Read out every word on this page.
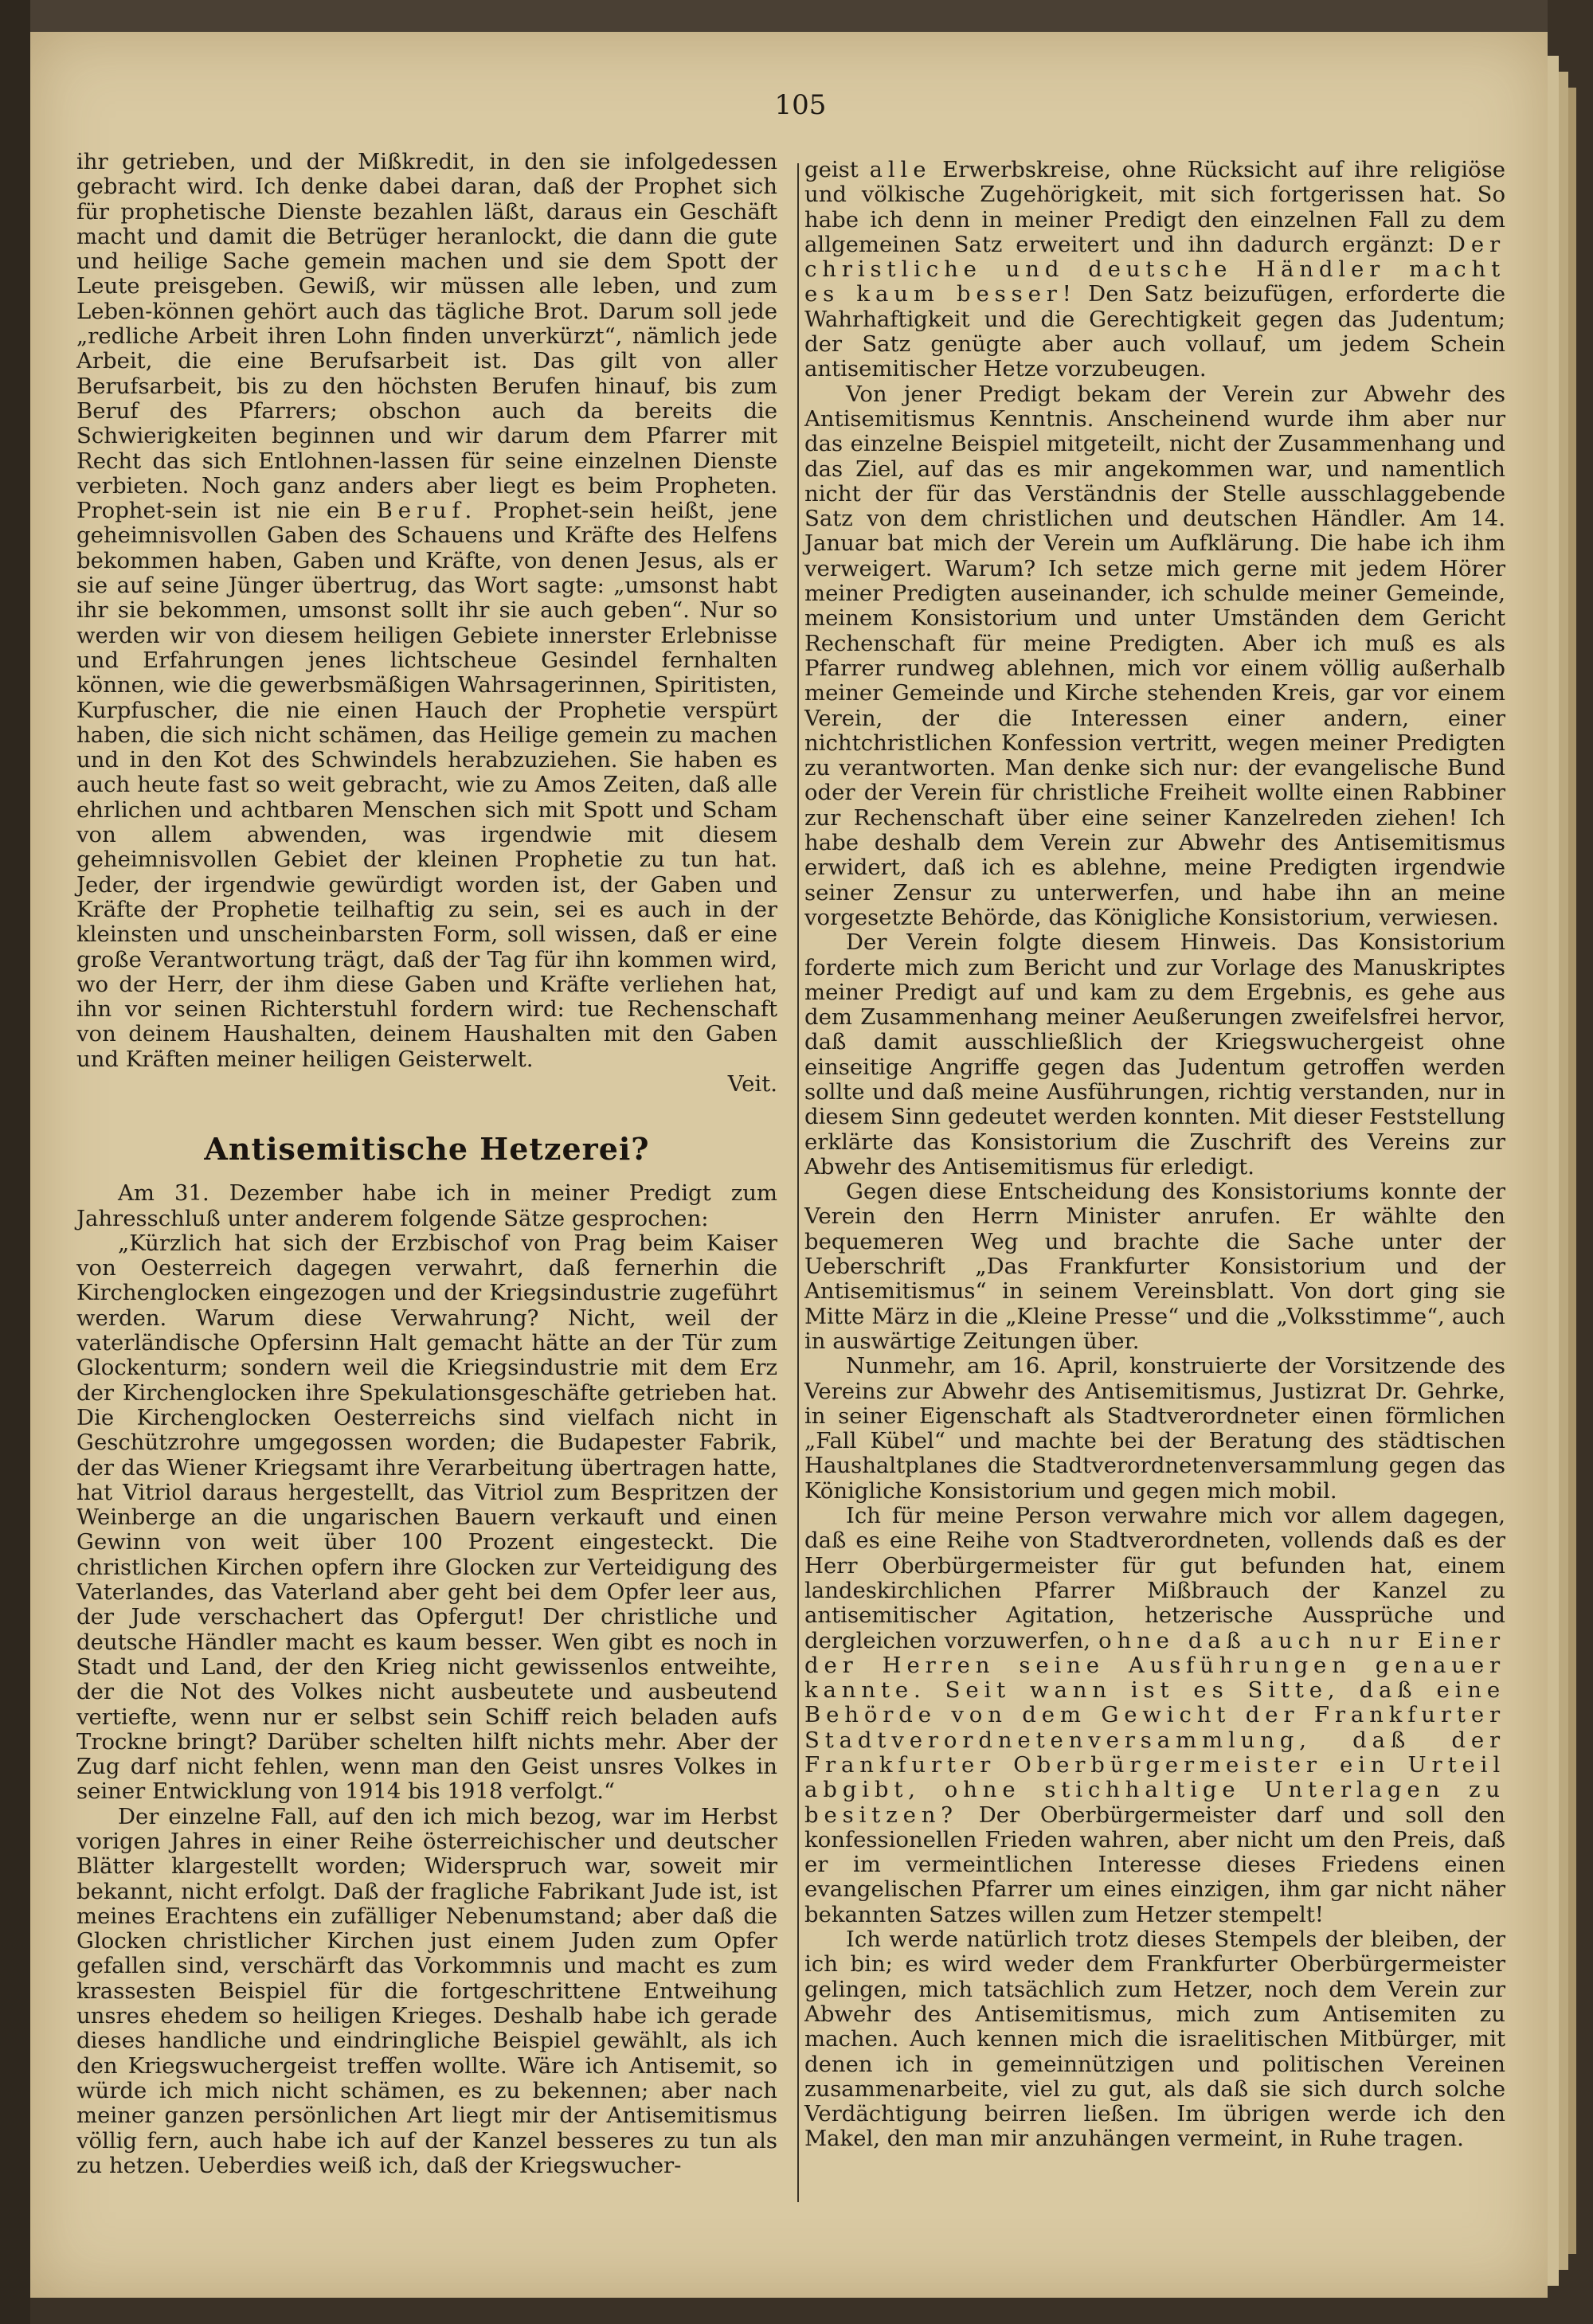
105

ihr getrieben, und der Mißkredit, in den sie infolgedessen gebracht wird. Ich denke dabei daran, daß der Prophet sich für prophetische Dienste bezahlen läßt, daraus ein Geschäft macht und damit die Betrüger heranlockt, die dann die gute und heilige Sache gemein machen und sie dem Spott der Leute preisgeben. Gewiß, wir müssen alle leben, und zum Leben-können gehört auch das tägliche Brot. Darum soll jede „redliche Arbeit ihren Lohn finden unverkürzt“, nämlich jede Arbeit, die eine Berufsarbeit ist. Das gilt von aller Berufsarbeit, bis zu den höchsten Berufen hinauf, bis zum Beruf des Pfarrers; obschon auch da bereits die Schwierigkeiten beginnen und wir darum dem Pfarrer mit Recht das sich Entlohnen-lassen für seine einzelnen Dienste verbieten. Noch ganz anders aber liegt es beim Propheten. Prophet-sein ist nie ein Beruf. Prophet-sein heißt, jene geheimnisvollen Gaben des Schauens und Kräfte des Helfens bekommen haben, Gaben und Kräfte, von denen Jesus, als er sie auf seine Jünger übertrug, das Wort sagte: „umsonst habt ihr sie bekommen, umsonst sollt ihr sie auch geben“. Nur so werden wir von diesem heiligen Gebiete innerster Erlebnisse und Erfahrungen jenes lichtscheue Gesindel fernhalten können, wie die gewerbsmäßigen Wahrsagerinnen, Spiritisten, Kurpfuscher, die nie einen Hauch der Prophetie verspürt haben, die sich nicht schämen, das Heilige gemein zu machen und in den Kot des Schwindels herabzuziehen. Sie haben es auch heute fast so weit gebracht, wie zu Amos Zeiten, daß alle ehrlichen und achtbaren Menschen sich mit Spott und Scham von allem abwenden, was irgendwie mit diesem geheimnisvollen Gebiet der kleinen Prophetie zu tun hat. Jeder, der irgendwie gewürdigt worden ist, der Gaben und Kräfte der Prophetie teilhaftig zu sein, sei es auch in der kleinsten und unscheinbarsten Form, soll wissen, daß er eine große Verantwortung trägt, daß der Tag für ihn kommen wird, wo der Herr, der ihm diese Gaben und Kräfte verliehen hat, ihn vor seinen Richterstuhl fordern wird: tue Rechenschaft von deinem Haushalten, deinem Haushalten mit den Gaben und Kräften meiner heiligen Geisterwelt.

Veit.

Antisemitische Hetzerei?

Am 31. Dezember habe ich in meiner Predigt zum Jahresschluß unter anderem folgende Sätze gesprochen:

„Kürzlich hat sich der Erzbischof von Prag beim Kaiser von Oesterreich dagegen verwahrt, daß fernerhin die Kirchenglocken eingezogen und der Kriegsindustrie zugeführt werden. Warum diese Verwahrung? Nicht, weil der vaterländische Opfersinn Halt gemacht hätte an der Tür zum Glockenturm; sondern weil die Kriegsindustrie mit dem Erz der Kirchenglocken ihre Spekulationsgeschäfte getrieben hat. Die Kirchenglocken Oesterreichs sind vielfach nicht in Geschützrohre umgegossen worden; die Budapester Fabrik, der das Wiener Kriegsamt ihre Verarbeitung übertragen hatte, hat Vitriol daraus hergestellt, das Vitriol zum Bespritzen der Weinberge an die ungarischen Bauern verkauft und einen Gewinn von weit über 100 Prozent eingesteckt. Die christlichen Kirchen opfern ihre Glocken zur Verteidigung des Vaterlandes, das Vaterland aber geht bei dem Opfer leer aus, der Jude verschachert das Opfergut! Der christliche und deutsche Händler macht es kaum besser. Wen gibt es noch in Stadt und Land, der den Krieg nicht gewissenlos entweihte, der die Not des Volkes nicht ausbeutete und ausbeutend vertiefte, wenn nur er selbst sein Schiff reich beladen aufs Trockne bringt? Darüber schelten hilft nichts mehr. Aber der Zug darf nicht fehlen, wenn man den Geist unsres Volkes in seiner Entwicklung von 1914 bis 1918 verfolgt.“

Der einzelne Fall, auf den ich mich bezog, war im Herbst vorigen Jahres in einer Reihe österreichischer und deutscher Blätter klargestellt worden; Widerspruch war, soweit mir bekannt, nicht erfolgt. Daß der fragliche Fabrikant Jude ist, ist meines Erachtens ein zufälliger Nebenumstand; aber daß die Glocken christlicher Kirchen just einem Juden zum Opfer gefallen sind, verschärft das Vorkommnis und macht es zum krassesten Beispiel für die fortgeschrittene Entweihung unsres ehedem so heiligen Krieges. Deshalb habe ich gerade dieses handliche und eindringliche Beispiel gewählt, als ich den Kriegswuchergeist treffen wollte. Wäre ich Antisemit, so würde ich mich nicht schämen, es zu bekennen; aber nach meiner ganzen persönlichen Art liegt mir der Antisemitismus völlig fern, auch habe ich auf der Kanzel besseres zu tun als zu hetzen. Ueberdies weiß ich, daß der Kriegswucher-

geist alle Erwerbskreise, ohne Rücksicht auf ihre religiöse und völkische Zugehörigkeit, mit sich fortgerissen hat. So habe ich denn in meiner Predigt den einzelnen Fall zu dem allgemeinen Satz erweitert und ihn dadurch ergänzt: Der christliche und deutsche Händler macht es kaum besser! Den Satz beizufügen, erforderte die Wahrhaftigkeit und die Gerechtigkeit gegen das Judentum; der Satz genügte aber auch vollauf, um jedem Schein antisemitischer Hetze vorzubeugen.

Von jener Predigt bekam der Verein zur Abwehr des Antisemitismus Kenntnis. Anscheinend wurde ihm aber nur das einzelne Beispiel mitgeteilt, nicht der Zusammenhang und das Ziel, auf das es mir angekommen war, und namentlich nicht der für das Verständnis der Stelle ausschlaggebende Satz von dem christlichen und deutschen Händler. Am 14. Januar bat mich der Verein um Aufklärung. Die habe ich ihm verweigert. Warum? Ich setze mich gerne mit jedem Hörer meiner Predigten auseinander, ich schulde meiner Gemeinde, meinem Konsistorium und unter Umständen dem Gericht Rechenschaft für meine Predigten. Aber ich muß es als Pfarrer rundweg ablehnen, mich vor einem völlig außerhalb meiner Gemeinde und Kirche stehenden Kreis, gar vor einem Verein, der die Interessen einer andern, einer nichtchristlichen Konfession vertritt, wegen meiner Predigten zu verantworten. Man denke sich nur: der evangelische Bund oder der Verein für christliche Freiheit wollte einen Rabbiner zur Rechenschaft über eine seiner Kanzelreden ziehen! Ich habe deshalb dem Verein zur Abwehr des Antisemitismus erwidert, daß ich es ablehne, meine Predigten irgendwie seiner Zensur zu unterwerfen, und habe ihn an meine vorgesetzte Behörde, das Königliche Konsistorium, verwiesen.

Der Verein folgte diesem Hinweis. Das Konsistorium forderte mich zum Bericht und zur Vorlage des Manuskriptes meiner Predigt auf und kam zu dem Ergebnis, es gehe aus dem Zusammenhang meiner Aeußerungen zweifelsfrei hervor, daß damit ausschließlich der Kriegswuchergeist ohne einseitige Angriffe gegen das Judentum getroffen werden sollte und daß meine Ausführungen, richtig verstanden, nur in diesem Sinn gedeutet werden konnten. Mit dieser Feststellung erklärte das Konsistorium die Zuschrift des Vereins zur Abwehr des Antisemitismus für erledigt.

Gegen diese Entscheidung des Konsistoriums konnte der Verein den Herrn Minister anrufen. Er wählte den bequemeren Weg und brachte die Sache unter der Ueberschrift „Das Frankfurter Konsistorium und der Antisemitismus“ in seinem Vereinsblatt. Von dort ging sie Mitte März in die „Kleine Presse“ und die „Volksstimme“, auch in auswärtige Zeitungen über.

Nunmehr, am 16. April, konstruierte der Vorsitzende des Vereins zur Abwehr des Antisemitismus, Justizrat Dr. Gehrke, in seiner Eigenschaft als Stadtverordneter einen förmlichen „Fall Kübel“ und machte bei der Beratung des städtischen Haushaltplanes die Stadtverordnetenversammlung gegen das Königliche Konsistorium und gegen mich mobil.

Ich für meine Person verwahre mich vor allem dagegen, daß es eine Reihe von Stadtverordneten, vollends daß es der Herr Oberbürgermeister für gut befunden hat, einem landeskirchlichen Pfarrer Mißbrauch der Kanzel zu antisemitischer Agitation, hetzerische Aussprüche und dergleichen vorzuwerfen, ohne daß auch nur Einer der Herren seine Ausführungen genauer kannte. Seit wann ist es Sitte, daß eine Behörde von dem Gewicht der Frankfurter Stadtverordnetenversammlung, daß der Frankfurter Oberbürgermeister ein Urteil abgibt, ohne stichhaltige Unterlagen zu besitzen? Der Oberbürgermeister darf und soll den konfessionellen Frieden wahren, aber nicht um den Preis, daß er im vermeintlichen Interesse dieses Friedens einen evangelischen Pfarrer um eines einzigen, ihm gar nicht näher bekannten Satzes willen zum Hetzer stempelt!

Ich werde natürlich trotz dieses Stempels der bleiben, der ich bin; es wird weder dem Frankfurter Oberbürgermeister gelingen, mich tatsächlich zum Hetzer, noch dem Verein zur Abwehr des Antisemitismus, mich zum Antisemiten zu machen. Auch kennen mich die israelitischen Mitbürger, mit denen ich in gemeinnützigen und politischen Vereinen zusammenarbeite, viel zu gut, als daß sie sich durch solche Verdächtigung beirren ließen. Im übrigen werde ich den Makel, den man mir anzuhängen vermeint, in Ruhe tragen.
